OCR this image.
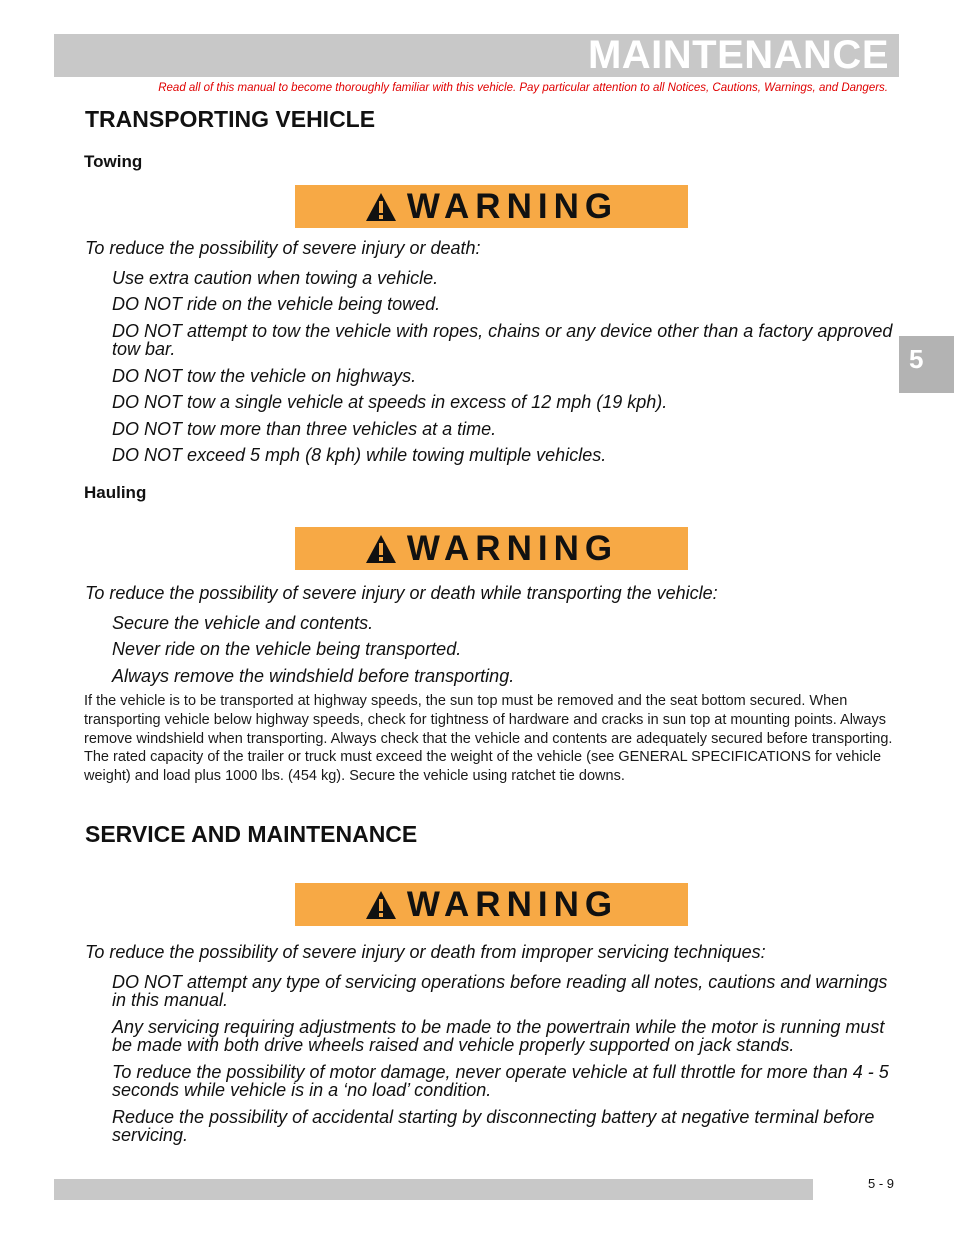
MAINTENANCE
Read all of this manual to become thoroughly familiar with this vehicle. Pay particular attention to all Notices, Cautions, Warnings, and Dangers.
5
TRANSPORTING VEHICLE
Towing
WARNING
To reduce the possibility of severe injury or death:
Use extra caution when towing a vehicle.
DO NOT ride on the vehicle being towed.
DO NOT attempt to tow the vehicle with ropes, chains or any device other than a factory approved tow bar.
DO NOT tow the vehicle on highways.
DO NOT tow a single vehicle at speeds in excess of 12 mph (19 kph).
DO NOT tow more than three vehicles at a time.
DO NOT exceed 5 mph (8 kph) while towing multiple vehicles.
Hauling
WARNING
To reduce the possibility of severe injury or death while transporting the vehicle:
Secure the vehicle and contents.
Never ride on the vehicle being transported.
Always remove the windshield before transporting.
If the vehicle is to be transported at highway speeds, the sun top must be removed and the seat bottom secured. When transporting vehicle below highway speeds, check for tightness of hardware and cracks in sun top at mounting points. Always remove windshield when transporting. Always check that the vehicle and contents are adequately secured before transporting. The rated capacity of the trailer or truck must exceed the weight of the vehicle (see GENERAL SPECIFICATIONS for vehicle weight) and load plus 1000 lbs. (454 kg). Secure the vehicle using ratchet tie downs.
SERVICE AND MAINTENANCE
WARNING
To reduce the possibility of severe injury or death from improper servicing techniques:
DO NOT attempt any type of servicing operations before reading all notes, cautions and warnings in this manual.
Any servicing requiring adjustments to be made to the powertrain while the motor is running must be made with both drive wheels raised and vehicle properly supported on jack stands.
To reduce the possibility of motor damage, never operate vehicle at full throttle for more than 4 - 5 seconds while vehicle is in a ‘no load’ condition.
Reduce the possibility of accidental starting by disconnecting battery at negative terminal before servicing.
5 - 9
